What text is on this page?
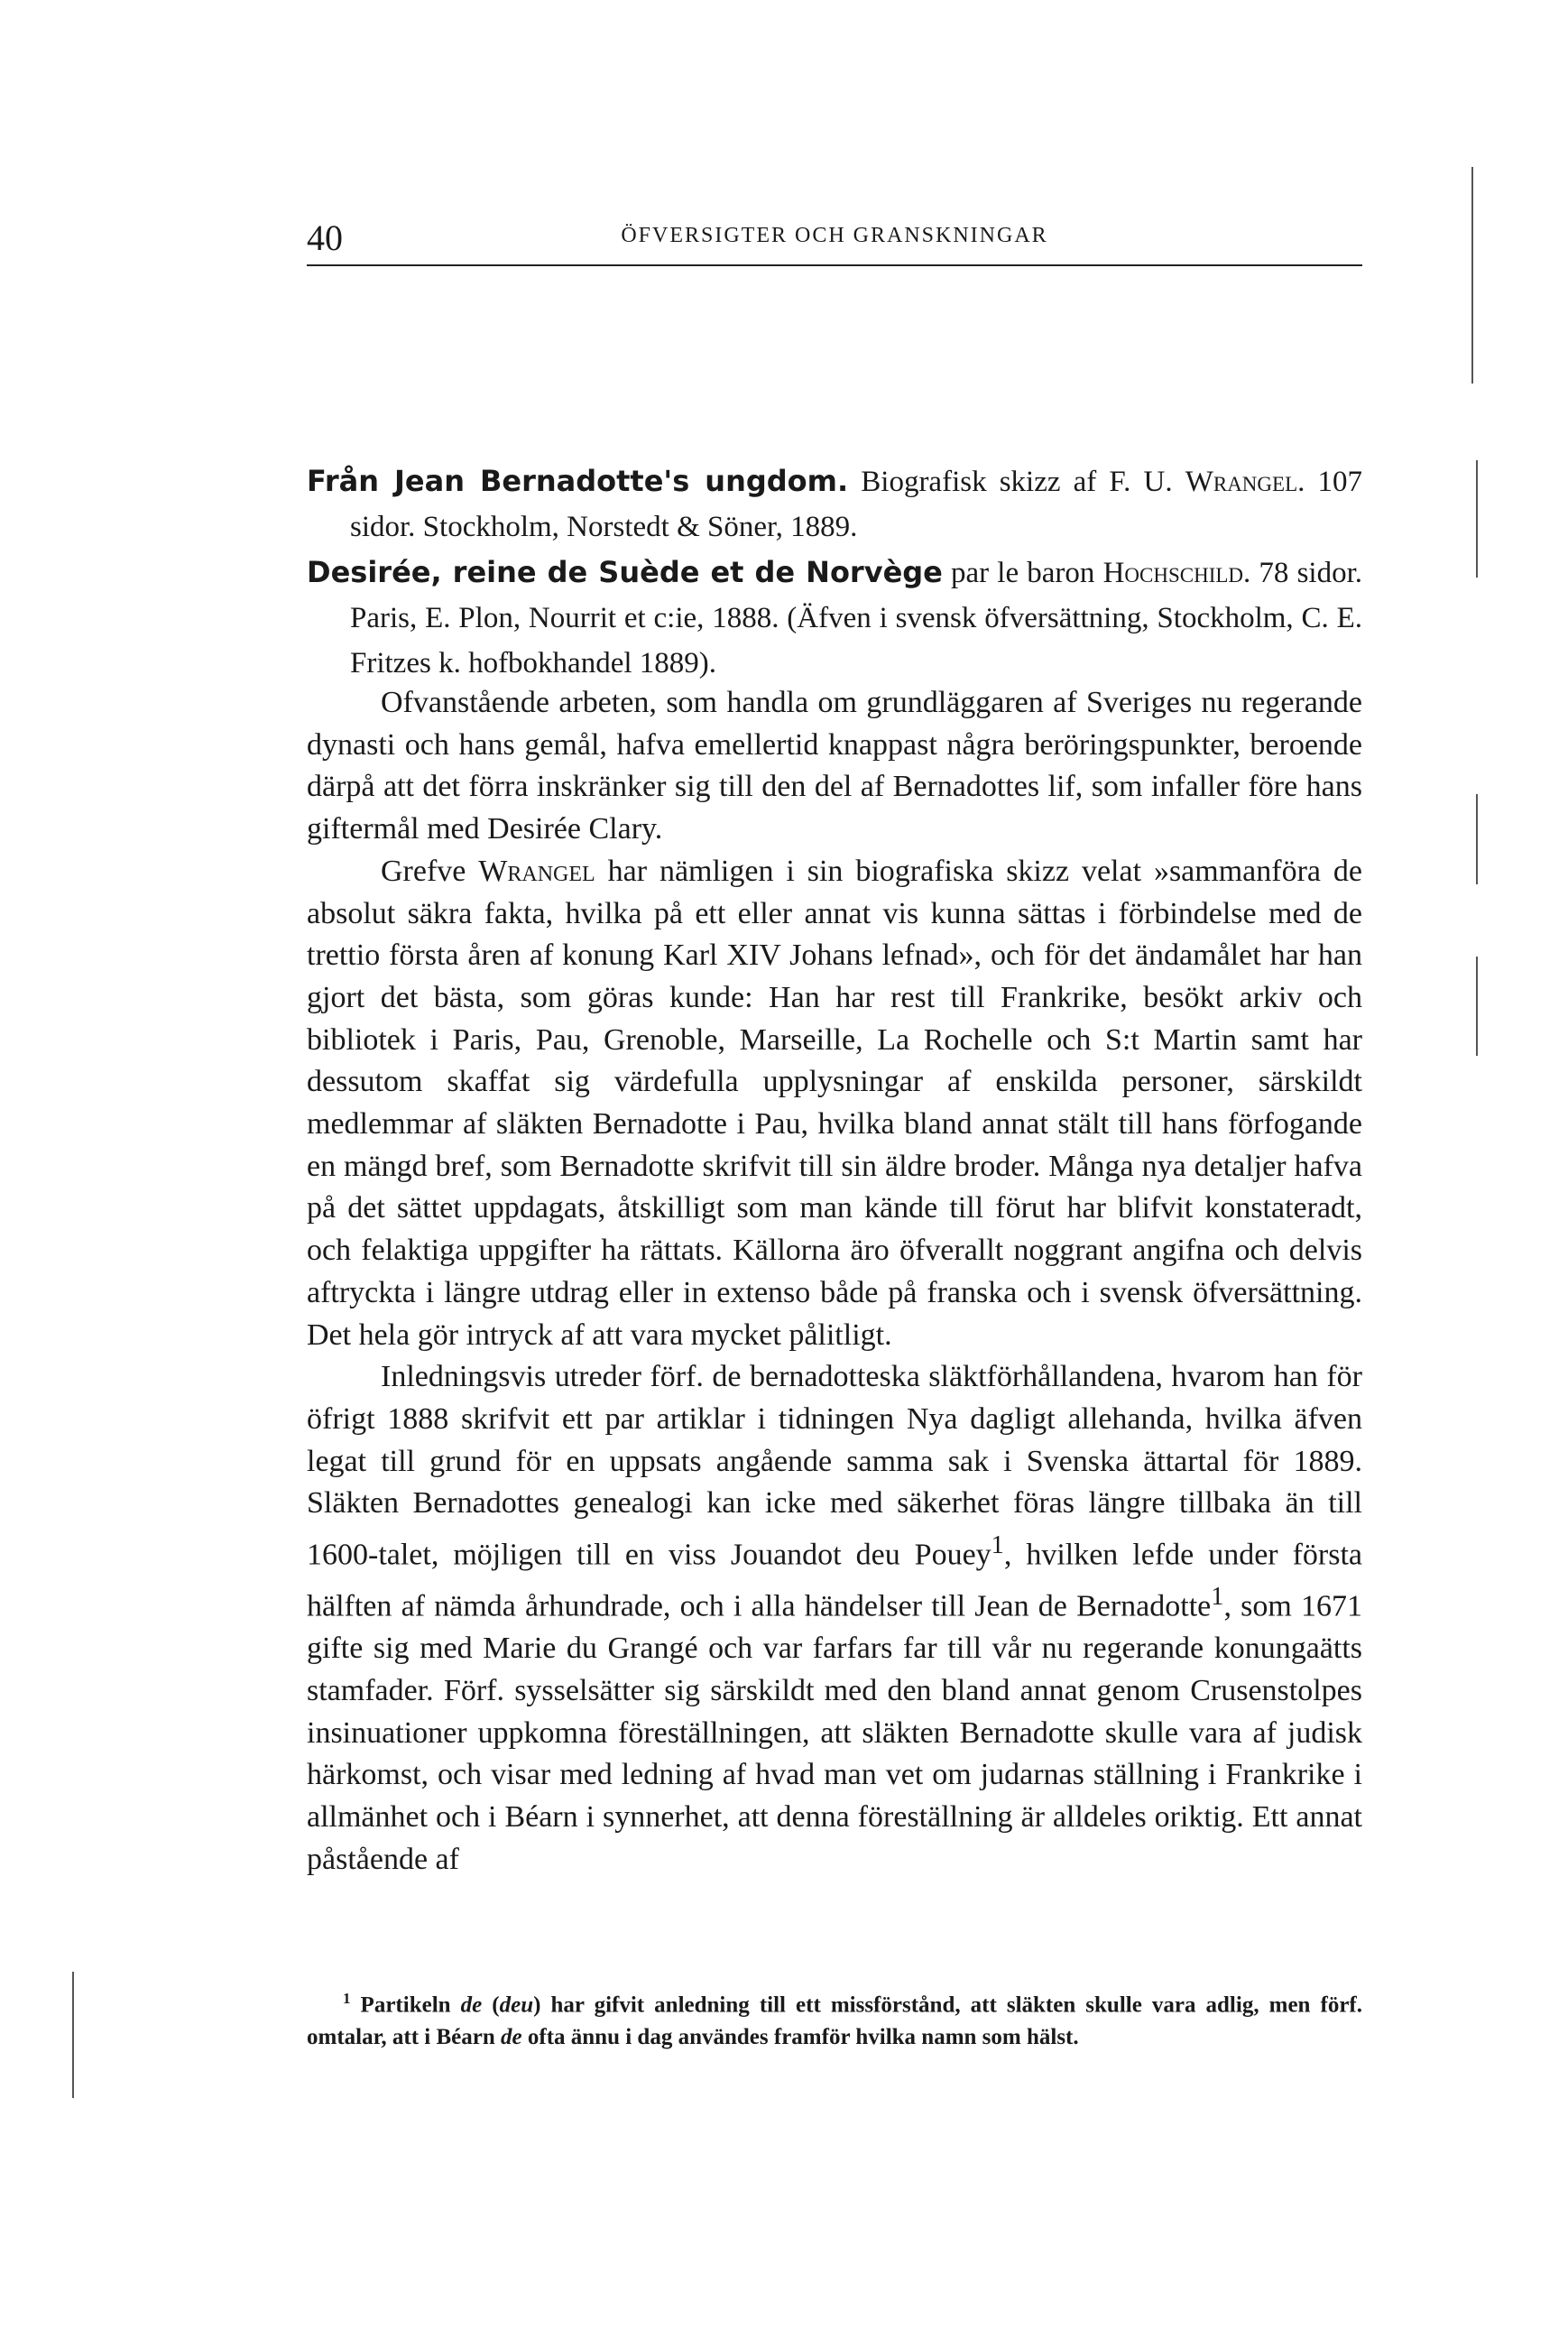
40	ÖFVERSIGTER OCH GRANSKNINGAR

Från Jean Bernadotte's ungdom. Biografisk skizz af F. U. Wrangel. 107 sidor. Stockholm, Norstedt & Söner, 1889.

Desirée, reine de Suède et de Norvège par le baron Hochschild. 78 sidor. Paris, E. Plon, Nourrit et c:ie, 1888. (Äfven i svensk öfversättning, Stockholm, C. E. Fritzes k. hofbokhandel 1889).

Ofvanstående arbeten, som handla om grundläggaren af Sveriges nu regerande dynasti och hans gemål, hafva emellertid knappast några beröringspunkter, beroende därpå att det förra inskränker sig till den del af Bernadottes lif, som infaller före hans giftermål med Desirée Clary.

Grefve Wrangel har nämligen i sin biografiska skizz velat »sammanföra de absolut säkra fakta, hvilka på ett eller annat vis kunna sättas i förbindelse med de trettio första åren af konung Karl XIV Johans lefnad», och för det ändamålet har han gjort det bästa, som göras kunde: Han har rest till Frankrike, besökt arkiv och bibliotek i Paris, Pau, Grenoble, Marseille, La Rochelle och S:t Martin samt har dessutom skaffat sig värdefulla upplysningar af enskilda personer, särskildt medlemmar af släkten Bernadotte i Pau, hvilka bland annat stält till hans förfogande en mängd bref, som Bernadotte skrifvit till sin äldre broder. Många nya detaljer hafva på det sättet uppdagats, åtskilligt som man kände till förut har blifvit konstateradt, och felaktiga uppgifter ha rättats. Källorna äro öfverallt noggrant angifna och delvis aftryckta i längre utdrag eller in extenso både på franska och i svensk öfversättning. Det hela gör intryck af att vara mycket pålitligt.

Inledningsvis utreder förf. de bernadotteska släktförhållandena, hvarom han för öfrigt 1888 skrifvit ett par artiklar i tidningen Nya dagligt allehanda, hvilka äfven legat till grund för en uppsats angående samma sak i Svenska ättartal för 1889. Släkten Bernadottes genealogi kan icke med säkerhet föras längre tillbaka än till 1600-talet, möjligen till en viss Jouandot deu Pouey$^1$, hvilken lefde under första hälften af nämda århundrade, och i alla händelser till Jean de Bernadotte$^1$, som 1671 gifte sig med Marie du Grangé och var farfars far till vår nu regerande konungaätts stamfader. Förf. sysselsätter sig särskildt med den bland annat genom Crusenstolpes insinuationer uppkomna föreställningen, att släkten Bernadotte skulle vara af judisk härkomst, och visar med ledning af hvad man vet om judarnas ställning i Frankrike i allmänhet och i Béarn i synnerhet, att denna föreställning är alldeles oriktig. Ett annat påstående af

$^1$ Partikeln de (deu) har gifvit anledning till ett missförstånd, att släkten skulle vara adlig, men förf. omtalar, att i Béarn de ofta ännu i dag användes framför hvilka namn som hälst.
